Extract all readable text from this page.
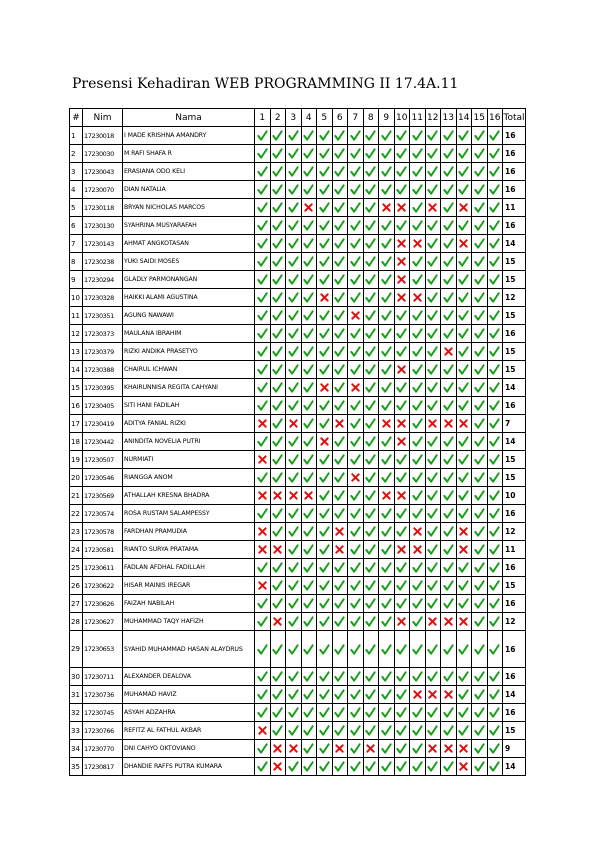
Presensi Kehadiran WEB PROGRAMMING II 17.4A.11
#	Nim	Nama	1	2	3	4	5	6	7	8	9	10	11	12	13	14	15	16	Total
1	17230018	I MADE KRISHNA AMANDRY																	16
2	17230030	M RAFI SHAFA R																	16
3	17230043	ERASIANA ODO KELI																	16
4	17230070	DIAN NATALIA																	16
5	17230118	BRYAN NICHOLAS MARCOS																	11
6	17230130	SYAHRINA MUSYARAFAH																	16
7	17230143	AHMAT ANGKOTASAN																	14
8	17230238	YUKI SAIDI MOSES																	15
9	17230294	GLADLY PARMONANGAN																	15
10	17230328	HAIKKI ALAMI AGUSTINA																	12
11	17230351	AGUNG NAWAWI																	15
12	17230373	MAULANA IBRAHIM																	16
13	17230379	RIZKI ANDIKA PRASETYO																	15
14	17230388	CHAIRUL ICHWAN																	15
15	17230395	KHAIRUNNISA REGITA CAHYANI																	14
16	17230405	SITI HANI FADILAH																	16
17	17230419	ADITYA FANIAL RIZKI																	7
18	17230442	ANINDITA NOVELIA PUTRI																	14
19	17230507	NURMIATI																	15
20	17230546	RIANGGA ANOM																	15
21	17230569	ATHALLAH KRESNA BHADRA																	10
22	17230574	ROSA RUSTAM SALAMPESSY																	16
23	17230578	FARDHAN PRAMUDIA																	12
24	17230581	RIANTO SURYA PRATAMA																	11
25	17230611	FADLAN AFDHAL FADILLAH																	16
26	17230622	HISAR MAINIS IREGAR																	15
27	17230626	FAIZAH NABILAH																	16
28	17230627	MUHAMMAD TAQY HAFIZH																	12
29	17230653	SYAHID MUHAMMAD HASAN ALAYDRUS																	16
30	17230711	ALEXANDER DEALOVA																	16
31	17230736	MUHAMAD HAVIZ																	14
32	17230745	ASYAH ADZAHRA																	16
33	17230766	REFITZ AL FATHUL AKBAR																	15
34	17230770	DNI CAHYO OKTOVIANO																	9
35	17230817	DHANDIE RAFFS PUTRA KUMARA																	14
